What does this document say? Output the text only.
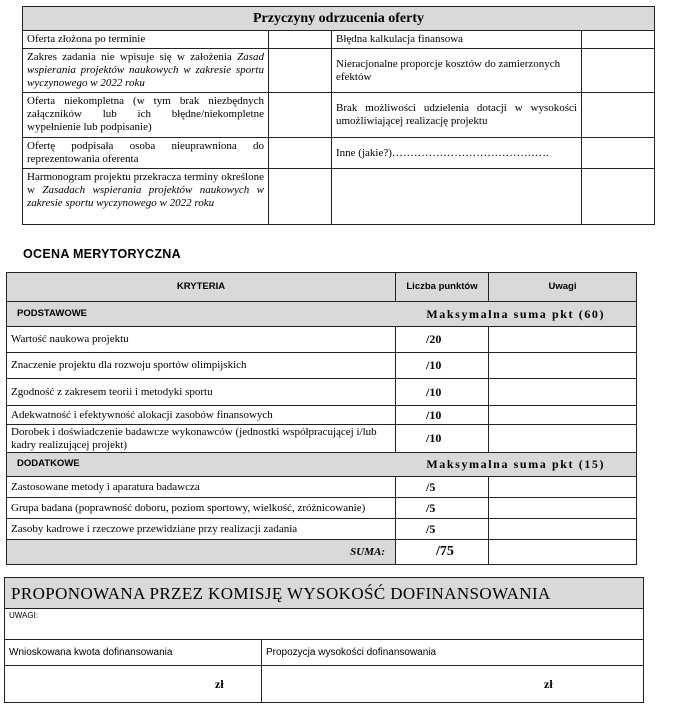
Przyczyny odrzucenia oferty			
Oferta złożona po terminie		Błędna kalkulacja finansowa	
Zakres zadania nie wpisuje się w założenia Zasad wspierania projektów naukowych w zakresie sportu wyczynowego w 2022 roku		Nieracjonalne proporcje kosztów do zamierzonych efektów	
Oferta niekompletna (w tym brak niezbędnych załączników lub ich błędne/niekompletne wypełnienie lub podpisanie)		Brak możliwości udzielenia dotacji w wysokości umożliwiającej realizację projektu	
Ofertę podpisała osoba nieuprawniona do reprezentowania oferenta		Inne (jakie?)…………………………………….	
Harmonogram projektu przekracza terminy określone w Zasadach wspierania projektów naukowych w zakresie sportu wyczynowego w 2022 roku			
OCENA MERYTORYCZNA
KRYTERIA	Liczba punktów	Uwagi
PODSTAWOWE	Maksymalna suma pkt (60)	
Wartość naukowa projektu	/20	
Znaczenie projektu dla rozwoju sportów olimpijskich	/10	
Zgodność z zakresem teorii i metodyki sportu	/10	
Adekwatność i efektywność alokacji zasobów finansowych	/10	
Dorobek i doświadczenie badawcze wykonawców (jednostki współpracującej i/lub kadry realizującej projekt)	/10	
DODATKOWE	Maksymalna suma pkt (15)	
Zastosowane metody i aparatura badawcza	/5	
Grupa badana (poprawność doboru, poziom sportowy, wielkość, zróżnicowanie)	/5	
Zasoby kadrowe i rzeczowe przewidziane przy realizacji zadania	/5	
SUMA:	/75	
PROPONOWANA PRZEZ KOMISJĘ WYSOKOŚĆ DOFINANSOWANIA	
UWAGI:	
Wnioskowana kwota dofinansowania	Propozycja wysokości dofinansowania
zł	zł
